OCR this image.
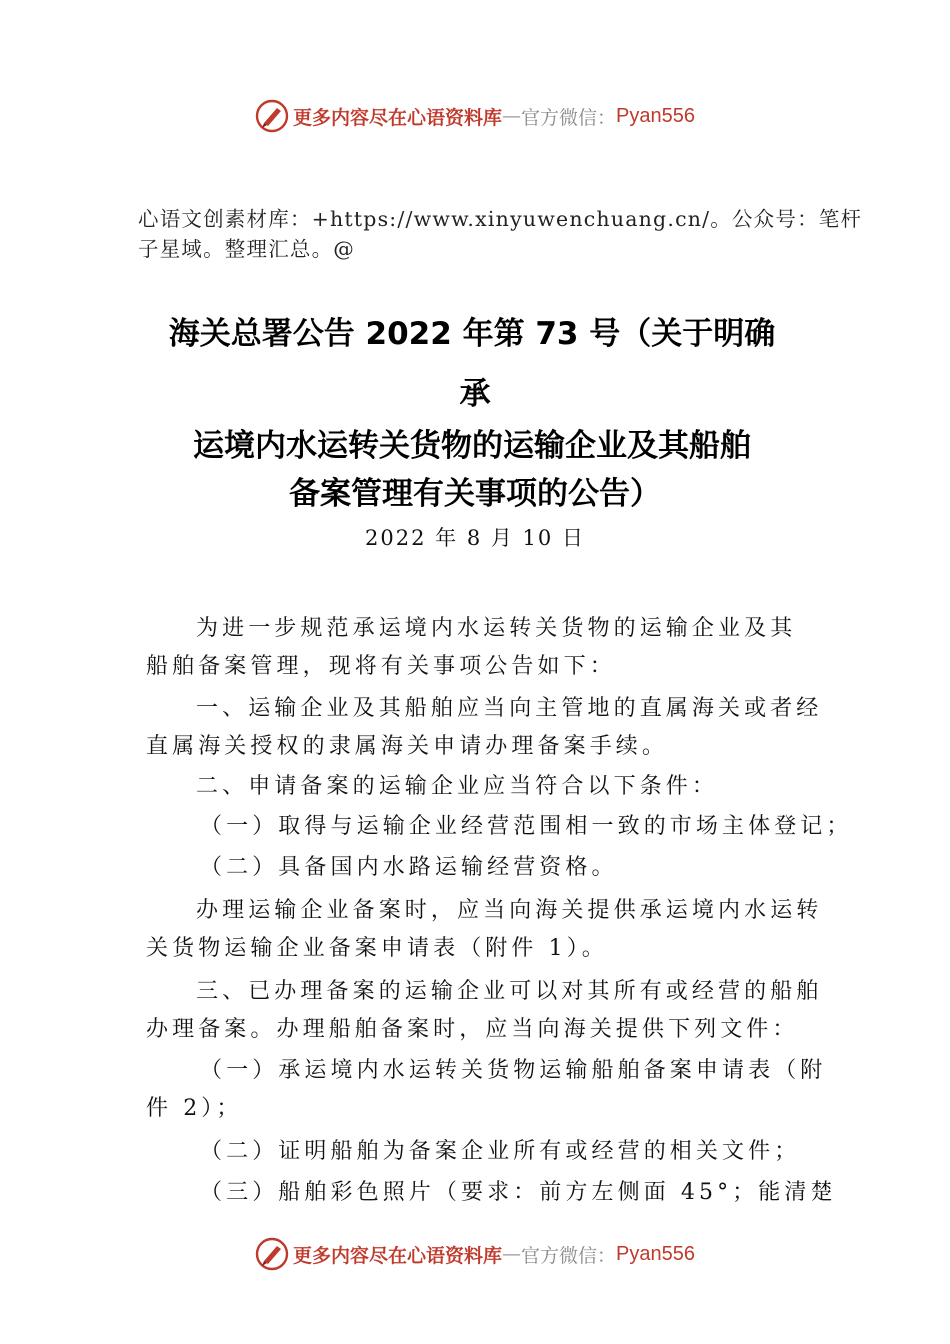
更多内容尽在心语资料库 — 官方微信： Pyan556
心语文创素材库：+https://www.xinyuwenchuang.cn/。公众号：笔杆子星域。整理汇总。@
海关总署公告 2022 年第 73 号（关于明确
承
运境内水运转关货物的运输企业及其船舶
备案管理有关事项的公告）
2022 年 8 月 10 日
为进一步规范承运境内水运转关货物的运输企业及其
船舶备案管理，现将有关事项公告如下：
一、运输企业及其船舶应当向主管地的直属海关或者经
直属海关授权的隶属海关申请办理备案手续。
二、申请备案的运输企业应当符合以下条件：
（一）取得与运输企业经营范围相一致的市场主体登记；
（二）具备国内水路运输经营资格。
办理运输企业备案时，应当向海关提供承运境内水运转
关货物运输企业备案申请表（附件 1）。
三、已办理备案的运输企业可以对其所有或经营的船舶
办理备案。办理船舶备案时，应当向海关提供下列文件：
（一）承运境内水运转关货物运输船舶备案申请表（附
件 2）；
（二）证明船舶为备案企业所有或经营的相关文件；
（三）船舶彩色照片（要求：前方左侧面 45°；能清楚
更多内容尽在心语资料库 — 官方微信： Pyan556
